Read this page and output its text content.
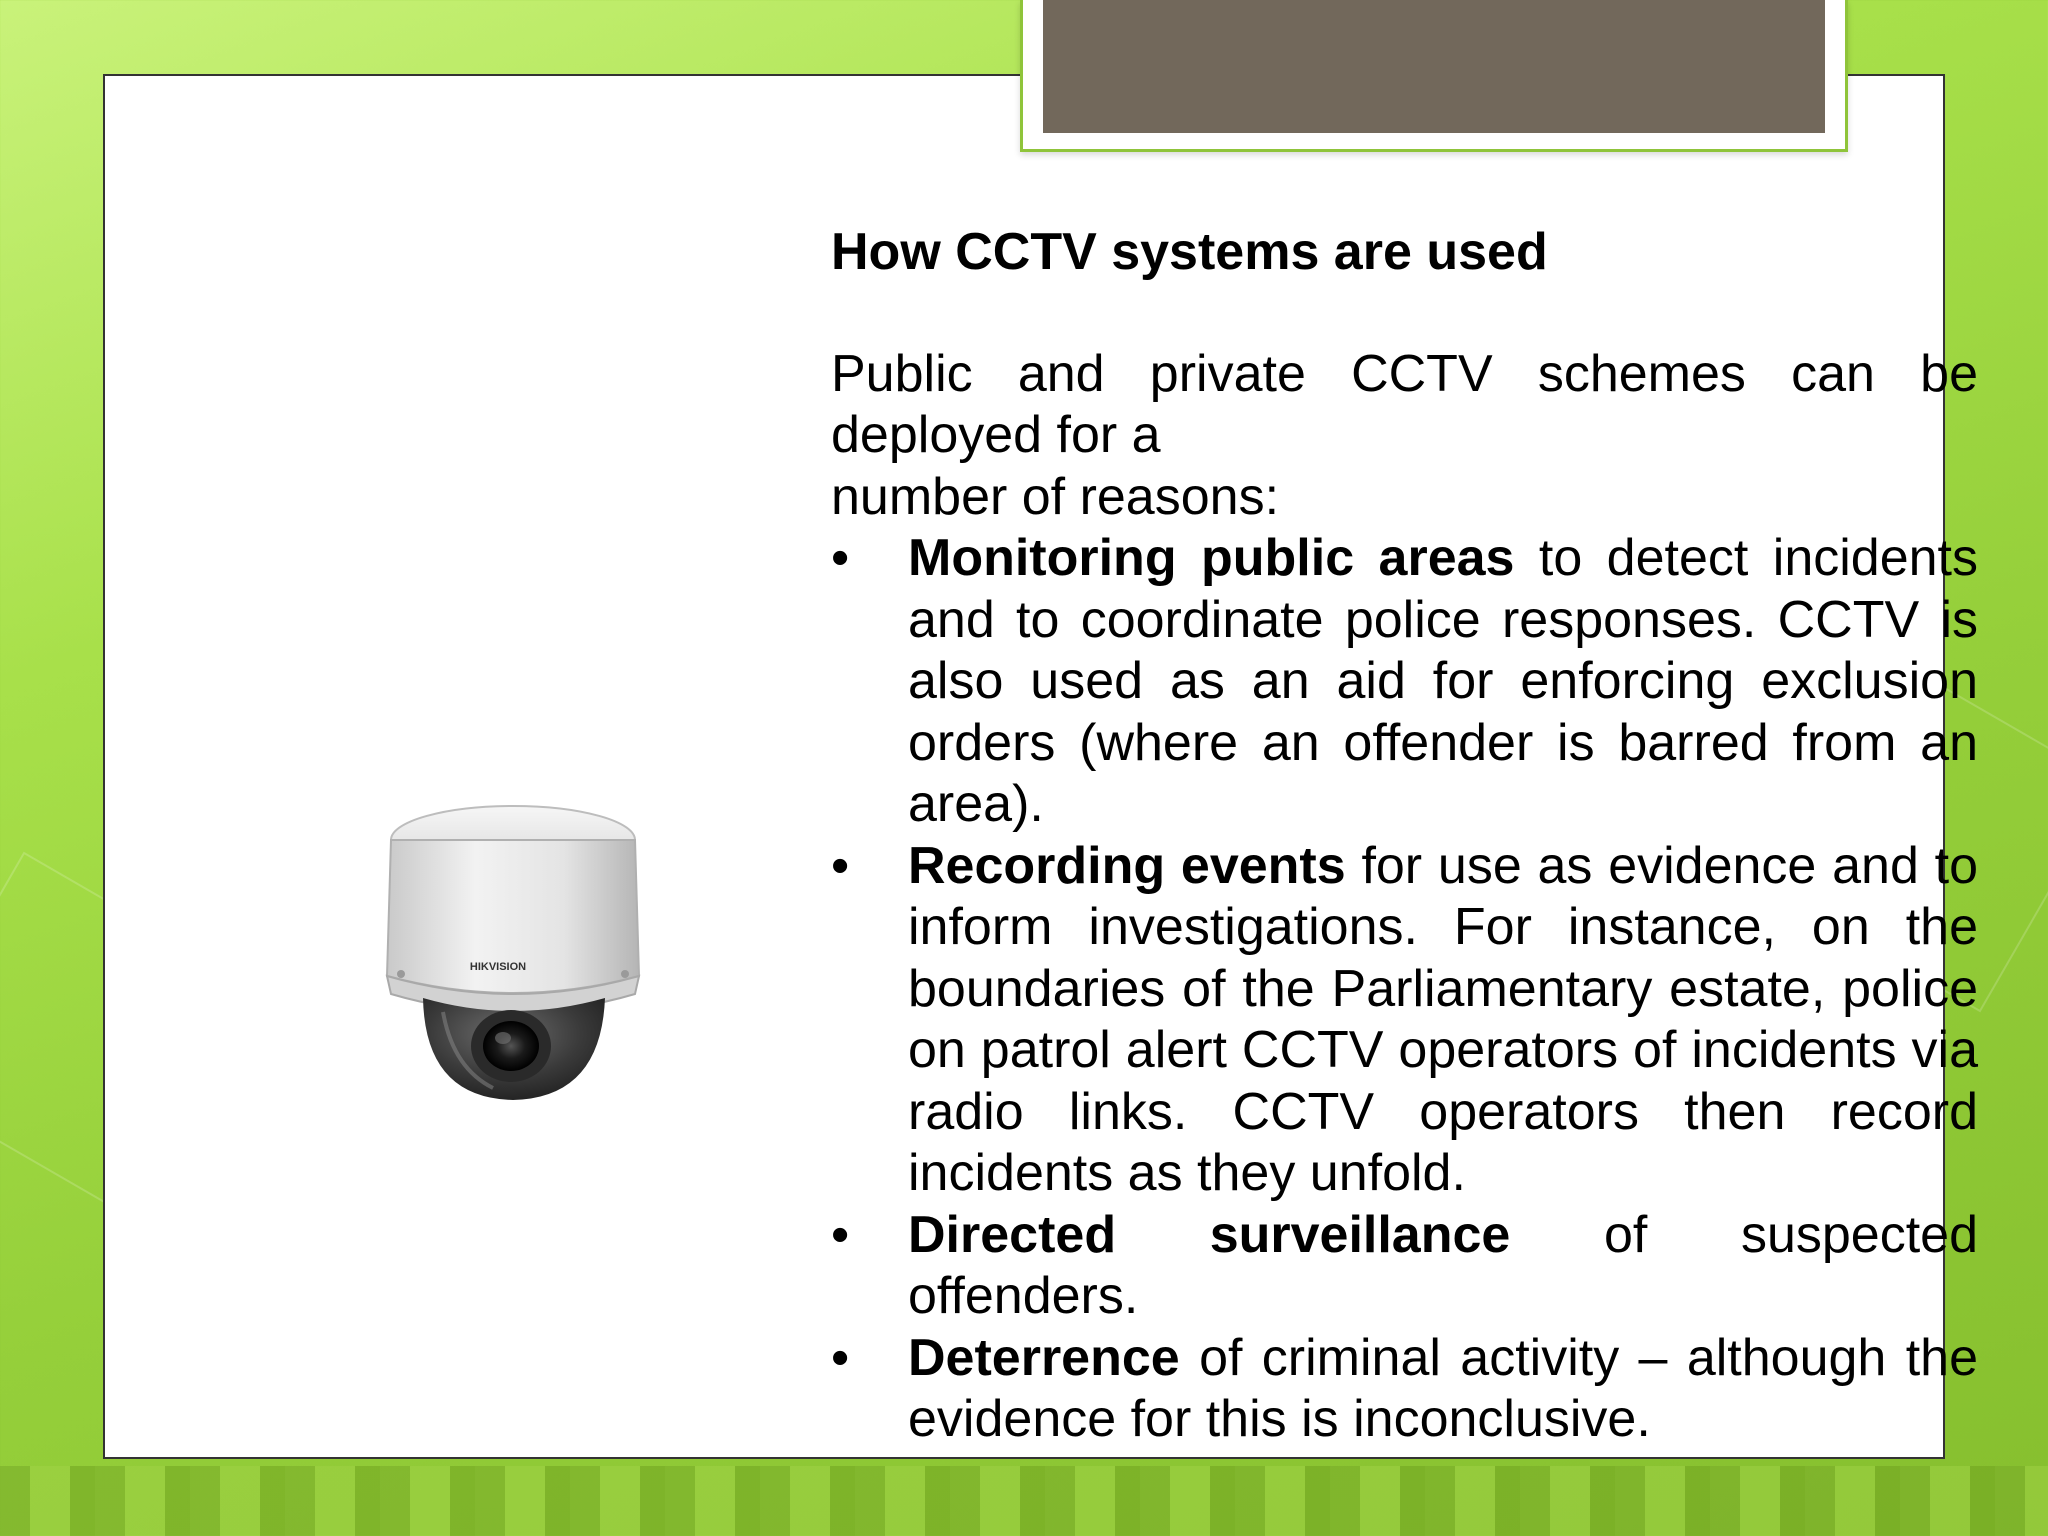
HIKVISION
How CCTV systems are used

Public and private CCTV schemes can be deployed for a
number of reasons:

•	Monitoring public areas to detect incidents and to coordinate police responses. CCTV is also used as an aid for enforcing exclusion orders (where an offender is barred from an area).
•	Recording events for use as evidence and to inform investigations. For instance, on the boundaries of the Parliamentary estate, police on patrol alert CCTV operators of incidents via radio links. CCTV operators then record incidents as they unfold.
•	Directed surveillance of suspected offenders.
•	Deterrence of criminal activity – although the evidence for this is inconclusive.
